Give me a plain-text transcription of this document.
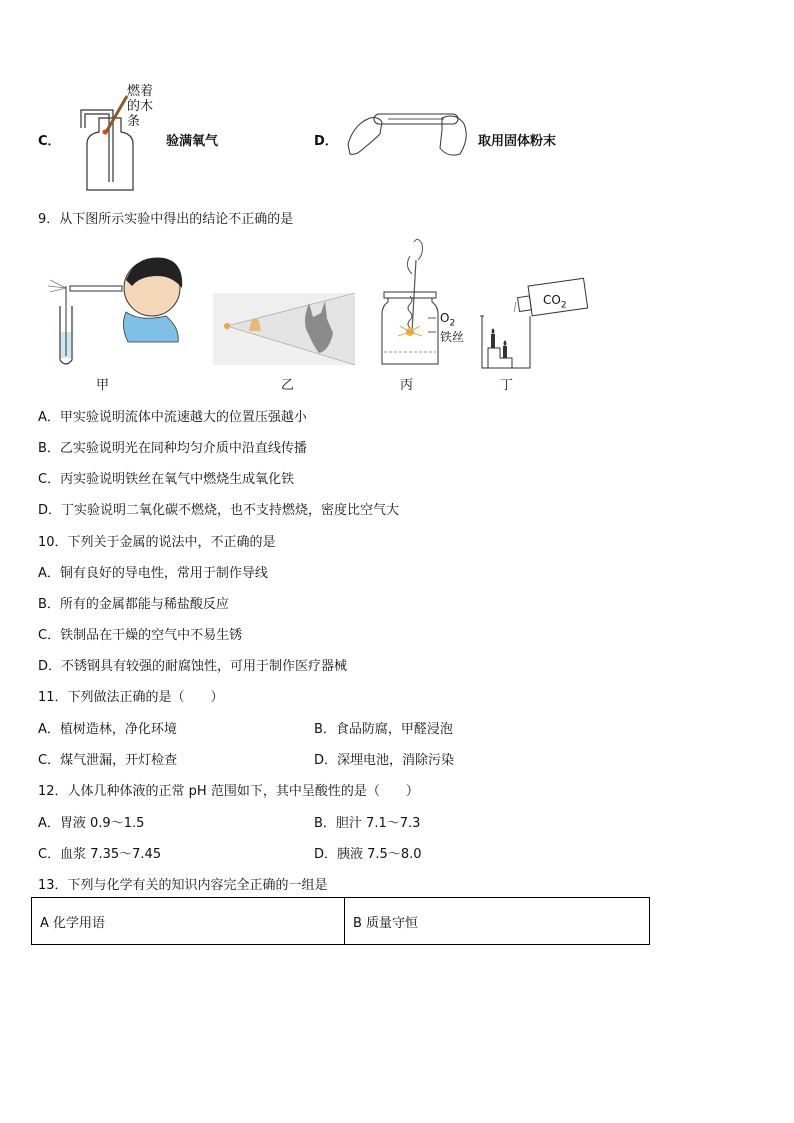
C．
燃着
的木
条
验满氧气	D．	取用固体粉末
9．从下图所示实验中得出的结论不正确的是
甲	乙
$O_2$
铁丝
丙
$CO_2$
丁
A．甲实验说明流体中流速越大的位置压强越小
B．乙实验说明光在同种均匀介质中沿直线传播
C．丙实验说明铁丝在氧气中燃烧生成氧化铁
D．丁实验说明二氧化碳不燃烧，也不支持燃烧，密度比空气大
10．下列关于金属的说法中，不正确的是
A．铜有良好的导电性，常用于制作导线
B．所有的金属都能与稀盐酸反应
C．铁制品在干燥的空气中不易生锈
D．不锈钢具有较强的耐腐蚀性，可用于制作医疗器械
11．下列做法正确的是（　　）
A．植树造林，净化环境	B．食品防腐，甲醛浸泡
C．煤气泄漏，开灯检查	D．深埋电池，消除污染
12．人体几种体液的正常 pH 范围如下，其中呈酸性的是（　　）
A．胃液 0.9～1.5	B．胆汁 7.1～7.3
C．血浆 7.35～7.45	D．胰液 7.5～8.0
13．下列与化学有关的知识内容完全正确的一组是
A 化学用语	B 质量守恒
